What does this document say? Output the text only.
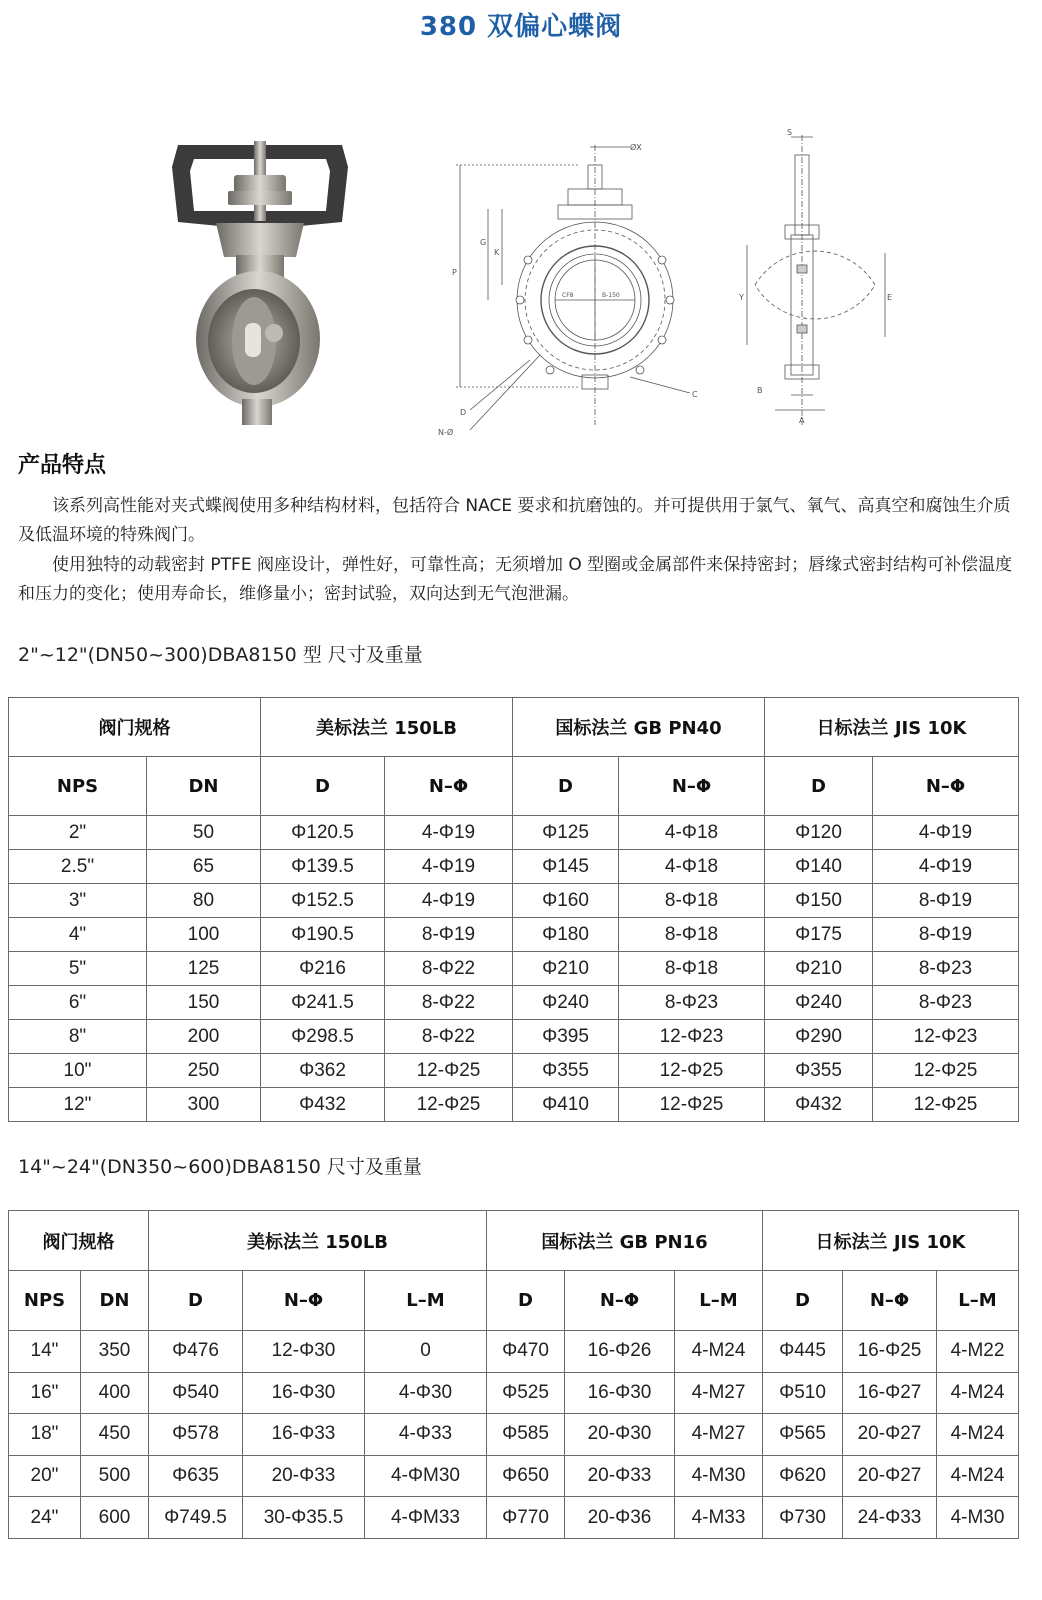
380 双偏心蝶阀
P
G
K
ØX
C
D
N-Ø
CF8	B-150	Y	E
B
A
S
产品特点

该系列高性能对夹式蝶阀使用多种结构材料，包括符合 NACE 要求和抗磨蚀的。并可提供用于氯气、氧气、高真空和腐蚀生介质及低温环境的特殊阀门。

使用独特的动载密封 PTFE 阀座设计，弹性好，可靠性高；无须增加 O 型圈或金属部件来保持密封；唇缘式密封结构可补偿温度和压力的变化；使用寿命长，维修量小；密封试验，双向达到无气泡泄漏。

2"~12"(DN50~300)DBA8150 型 尺寸及重量
阀门规格		美标法兰 150LB		国标法兰 GB PN40		日标法兰 JIS 10K	
NPS	DN	D	N–Φ	D	N–Φ	D	N–Φ
2"	50	Φ120.5	4-Φ19	Φ125	4-Φ18	Φ120	4-Φ19
2.5"	65	Φ139.5	4-Φ19	Φ145	4-Φ18	Φ140	4-Φ19
3"	80	Φ152.5	4-Φ19	Φ160	8-Φ18	Φ150	8-Φ19
4"	100	Φ190.5	8-Φ19	Φ180	8-Φ18	Φ175	8-Φ19
5"	125	Φ216	8-Φ22	Φ210	8-Φ18	Φ210	8-Φ23
6"	150	Φ241.5	8-Φ22	Φ240	8-Φ23	Φ240	8-Φ23
8"	200	Φ298.5	8-Φ22	Φ395	12-Φ23	Φ290	12-Φ23
10"	250	Φ362	12-Φ25	Φ355	12-Φ25	Φ355	12-Φ25
12"	300	Φ432	12-Φ25	Φ410	12-Φ25	Φ432	12-Φ25
14"~24"(DN350~600)DBA8150 尺寸及重量
阀门规格		美标法兰 150LB			国标法兰 GB PN16			日标法兰 JIS 10K		
NPS	DN	D	N–Φ	L–M	D	N–Φ	L–M	D	N–Φ	L–M
14"	350	Φ476	12-Φ30	0	Φ470	16-Φ26	4-M24	Φ445	16-Φ25	4-M22
16"	400	Φ540	16-Φ30	4-Φ30	Φ525	16-Φ30	4-M27	Φ510	16-Φ27	4-M24
18"	450	Φ578	16-Φ33	4-Φ33	Φ585	20-Φ30	4-M27	Φ565	20-Φ27	4-M24
20"	500	Φ635	20-Φ33	4-ΦM30	Φ650	20-Φ33	4-M30	Φ620	20-Φ27	4-M24
24"	600	Φ749.5	30-Φ35.5	4-ΦM33	Φ770	20-Φ36	4-M33	Φ730	24-Φ33	4-M30
